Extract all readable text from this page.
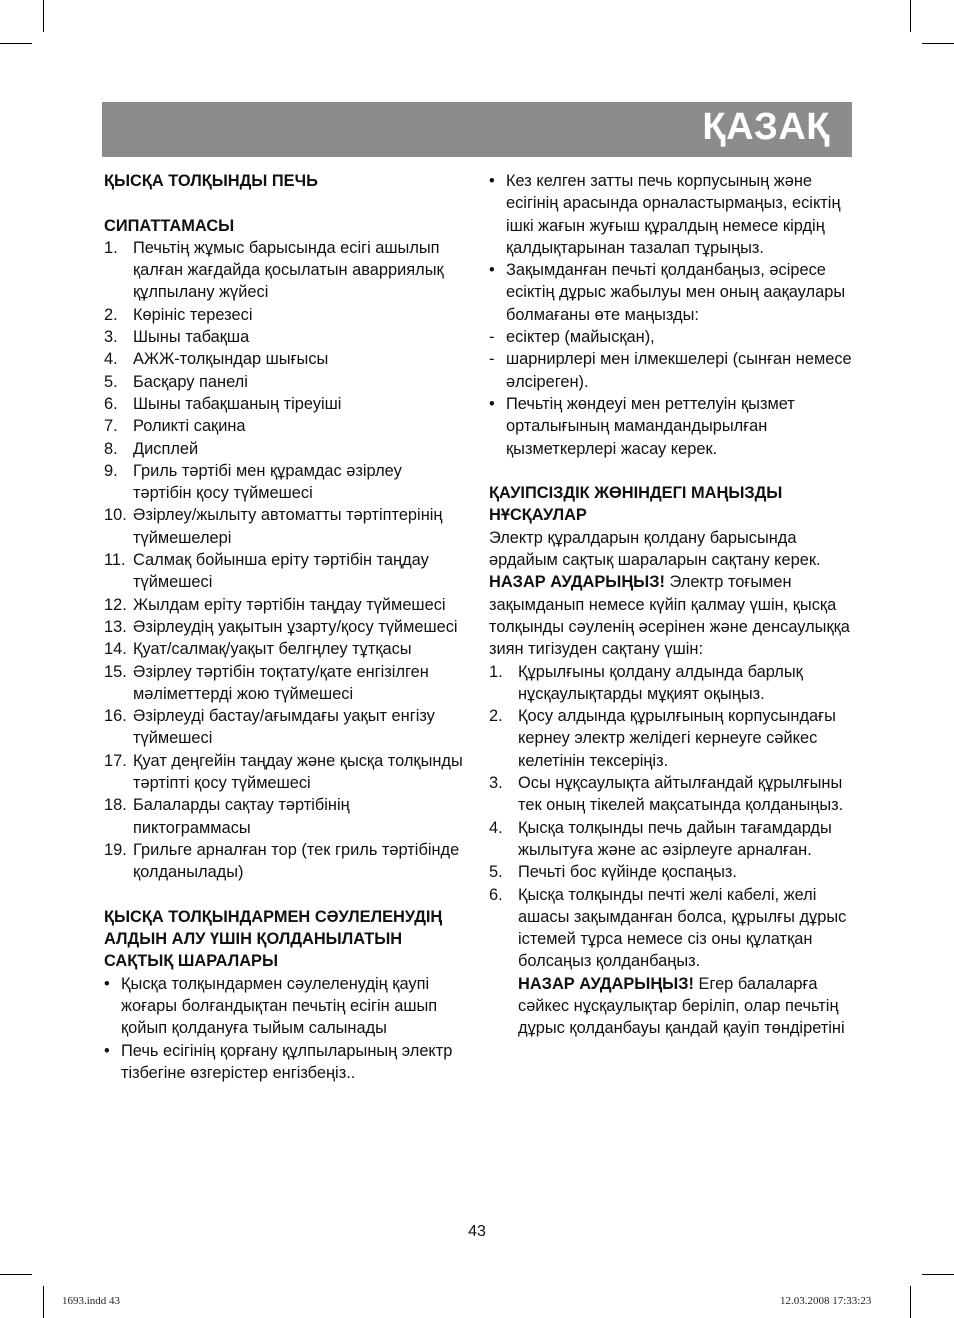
ҚАЗАҚ
ҚЫСҚА ТОЛҚЫНДЫ ПЕЧЬ
СИПАТТАМАСЫ
1. Печьтің жұмыс барысында есігі ашылып қалған жағдайда қосылатын аварриялық құлпылану жүйесі
2. Көрініс терезесі
3. Шыны табақша
4. АЖЖ-толқындар шығысы
5. Басқару панелі
6. Шыны табақшаның тіреуіші
7. Роликті сақина
8. Дисплей
9. Гриль тәртібі мен құрамдас әзірлеу тәртібін қосу түймешесі
10. Әзірлеу/жылыту автоматты тәртіптерінің түймешелері
11. Салмақ бойынша еріту тәртібін таңдау түймешесі
12. Жылдам еріту тәртібін таңдау түймешесі
13. Әзірлеудің уақытын ұзарту/қосу түймешесі
14. Қуат/салмақ/уақыт белгңлеу тұтқасы
15. Әзірлеу тәртібін тоқтату/қате енгізілген мәліметтерді жою түймешесі
16. Әзірлеуді бастау/ағымдағы уақыт енгізу түймешесі
17. Қуат деңгейін таңдау және қысқа толқынды тәртіпті қосу түймешесі
18. Балаларды сақтау тәртібінің пиктограммасы
19. Грильге арналған тор (тек гриль тәртібінде қолданылады)
ҚЫСҚА ТОЛҚЫНДАРМЕН СӘУЛЕЛЕНУДІҢ АЛДЫН АЛУ ҮШІН ҚОЛДАНЫЛАТЫН САҚТЫҚ ШАРАЛАРЫ
• Қысқа толқындармен сәулеленудің қаупі жоғары болғандықтан печьтің есігін ашып қойып қолдануға тыйым салынады
• Печь есігінің қорғану құлпыларының электр тізбегіне өзгерістер енгізбеңіз..
• Кез келген затты печь корпусының және есігінің арасында орналастырмаңыз, есіктің ішкі жағын жуғыш құралдың немесе кірдің қалдықтарынан тазалап тұрыңыз.
• Зақымданған печьті қолданбаңыз, әсіресе есіктің дұрыс жабылуы мен оның аақаулары болмағаны өте маңызды:
- есіктер (майысқан),
- шарнирлері мен ілмекшелері (сынған немесе әлсіреген).
• Печьтің жөндеуі мен реттелуін қызмет орталығының мамандандырылған қызметкерлері жасау керек.
ҚАУІПСІЗДІК ЖӨНІНДЕГІ МАҢЫЗДЫ НҰСҚАУЛАР
Электр құралдарын қолдану барысында әрдайым сақтық шараларын сақтану керек. НАЗАР АУДАРЫҢЫЗ! Электр тоғымен зақымданып немесе күйіп қалмау үшін, қысқа толқынды сәуленің әсерінен және денсаулыққа зиян тигізуден сақтану үшін:
1. Құрылғыны қолдану алдында барлық нұсқаулықтарды мұқият оқыңыз.
2. Қосу алдында құрылғының корпусындағы кернеу электр желідегі кернеуге сәйкес келетінін тексеріңіз.
3. Осы нұқсаулықта айтылғандай құрылғыны тек оның тікелей мақсатында қолданыңыз.
4. Қысқа толқынды печь дайын тағамдарды жылытуға және ас әзірлеуге арналған.
5. Печьті бос күйінде қоспаңыз.
6. Қысқа толқынды печті желі кабелі, желі ашасы зақымданған болса, құрылғы дұрыс істемей тұрса немесе сіз оны құлатқан болсаңыз қолданбаңыз.
НАЗАР АУДАРЫҢЫЗ! Егер балаларға сәйкес нұсқаулықтар беріліп, олар печьтің дұрыс қолданбауы қандай қауіп төндіретіні
43
1693.indd 43	12.03.2008 17:33:23
